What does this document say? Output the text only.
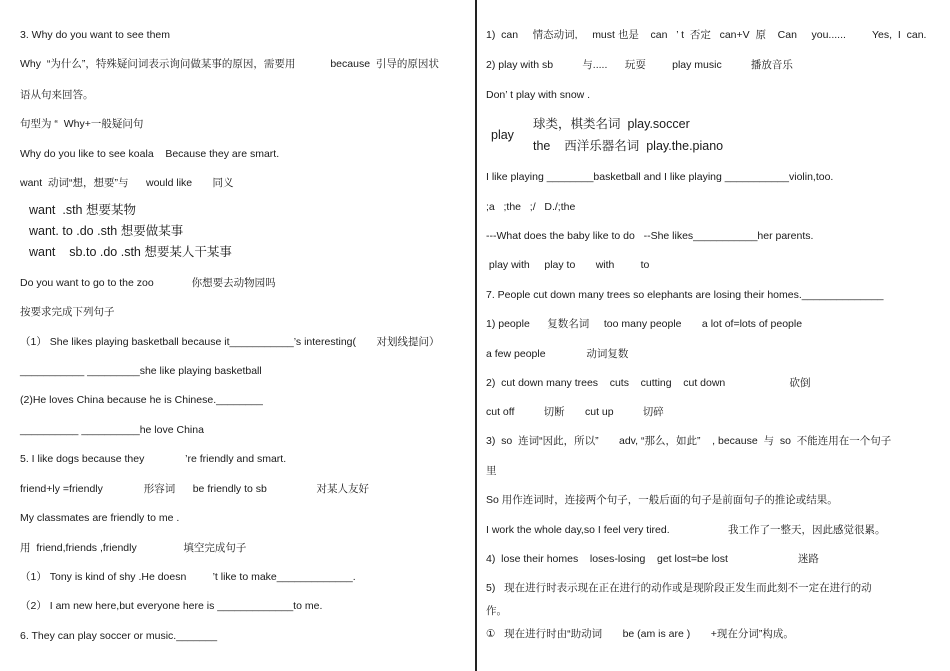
3. Why do you want to see them
Why  “为什么”，特殊疑问词表示询问做某事的原因，需要用            because  引导的原因状
语从句来回答。
句型为 “  Why+一般疑问句
Why do you like to see koala    Because they are smart.
want  动词“想，想要”与      would like       同义
want  .sth 想要某物
want. to .do .sth 想要做某事
want    sb.to .do .sth 想要某人干某事
Do you want to go to the zoo             你想要去动物园吗
按要求完成下列句子
（1） She likes playing basketball because it___________’s interesting(       对划线提问）
___________ _________she like playing basketball
(2)He loves China because he is Chinese.________
__________ __________he love China
5. I like dogs because they              ’re friendly and smart.
friend+ly =friendly              形容词      be friendly to sb                 对某人友好
My classmates are friendly to me .
用  friend,friends ,friendly                填空完成句子
（1） Tony is kind of shy .He doesn         ’t like to make_____________.
（2） I am new here,but everyone here is _____________to me.
6. They can play soccer or music._______
1)  can     情态动词,     must 也是    can   ’ t  否定   can+V  原    Can     you......         Yes,  I  can.
2) play with sb          与.....      玩耍         play music          播放音乐
Don’ t play with snow .
球类，棋类名词  play.soccer
play
the    西洋乐器名词  play.the.piano
I like playing ________basketball and I like playing ___________violin,too.
;a   ;the   ;/   D./;the
---What does the baby like to do   --She likes___________her parents.
play with     play to       with         to
7. People cut down many trees so elephants are losing their homes.______________
1) people      复数名词     too many people       a lot of=lots of people
a few people              动词复数
2)  cut down many trees    cuts    cutting    cut down                      砍倒
cut off          切断       cut up          切碎
3)  so  连词“因此，所以”       adv, “那么，如此”    , because  与  so  不能连用在一个句子
里
So 用作连词时，连接两个句子，一般后面的句子是前面句子的推论或结果。
I work the whole day,so I feel very tired.                    我工作了一整天，因此感觉很累。
4)  lose their homes    loses-losing    get lost=be lost                        迷路
5)   现在进行时表示现在正在进行的动作或是现阶段正发生而此刻不一定在进行的动
作。
①   现在进行时由“助动词       be (am is are )       +现在分词”构成。
